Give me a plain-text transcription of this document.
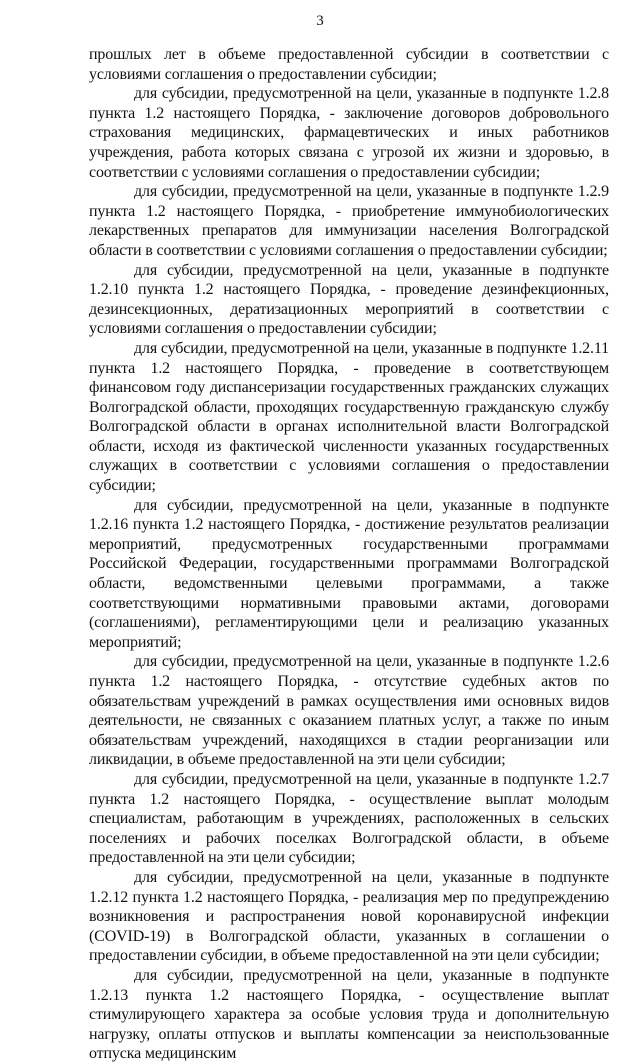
3

прошлых лет в объеме предоставленной субсидии в соответствии с условиями соглашения о предоставлении субсидии;

для субсидии, предусмотренной на цели, указанные в подпункте 1.2.8 пункта 1.2 настоящего Порядка, - заключение договоров добровольного страхования медицинских, фармацевтических и иных работников учреждения, работа которых связана с угрозой их жизни и здоровью, в соответствии с условиями соглашения о предоставлении субсидии;

для субсидии, предусмотренной на цели, указанные в подпункте 1.2.9 пункта 1.2 настоящего Порядка, - приобретение иммунобиологических лекарственных препаратов для иммунизации населения Волгоградской области в соответствии с условиями соглашения о предоставлении субсидии;

для субсидии, предусмотренной на цели, указанные в подпункте 1.2.10 пункта 1.2 настоящего Порядка, - проведение дезинфекционных, дезинсекционных, дератизационных мероприятий в соответствии с условиями соглашения о предоставлении субсидии;

для субсидии, предусмотренной на цели, указанные в подпункте 1.2.11 пункта 1.2 настоящего Порядка, - проведение в соответствующем финансовом году диспансеризации государственных гражданских служащих Волгоградской области, проходящих государственную гражданскую службу Волгоградской области в органах исполнительной власти Волгоградской области, исходя из фактической численности указанных государственных служащих в соответствии с условиями соглашения о предоставлении субсидии;

для субсидии, предусмотренной на цели, указанные в подпункте 1.2.16 пункта 1.2 настоящего Порядка, - достижение результатов реализации мероприятий, предусмотренных государственными программами Российской Федерации, государственными программами Волгоградской области, ведомственными целевыми программами, а также соответствующими нормативными правовыми актами, договорами (соглашениями), регламентирующими цели и реализацию указанных мероприятий;

для субсидии, предусмотренной на цели, указанные в подпункте 1.2.6 пункта 1.2 настоящего Порядка, - отсутствие судебных актов по обязательствам учреждений в рамках осуществления ими основных видов деятельности, не связанных с оказанием платных услуг, а также по иным обязательствам учреждений, находящихся в стадии реорганизации или ликвидации, в объеме предоставленной на эти цели субсидии;

для субсидии, предусмотренной на цели, указанные в подпункте 1.2.7 пункта 1.2 настоящего Порядка, - осуществление выплат молодым специалистам, работающим в учреждениях, расположенных в сельских поселениях и рабочих поселках Волгоградской области, в объеме предоставленной на эти цели субсидии;

для субсидии, предусмотренной на цели, указанные в подпункте 1.2.12 пункта 1.2 настоящего Порядка, - реализация мер по предупреждению возникновения и распространения новой коронавирусной инфекции (COVID-19) в Волгоградской области, указанных в соглашении о предоставлении субсидии, в объеме предоставленной на эти цели субсидии;

для субсидии, предусмотренной на цели, указанные в подпункте 1.2.13 пункта 1.2 настоящего Порядка, - осуществление выплат стимулирующего характера за особые условия труда и дополнительную нагрузку, оплаты отпусков и выплаты компенсации за неиспользованные отпуска медицинским
